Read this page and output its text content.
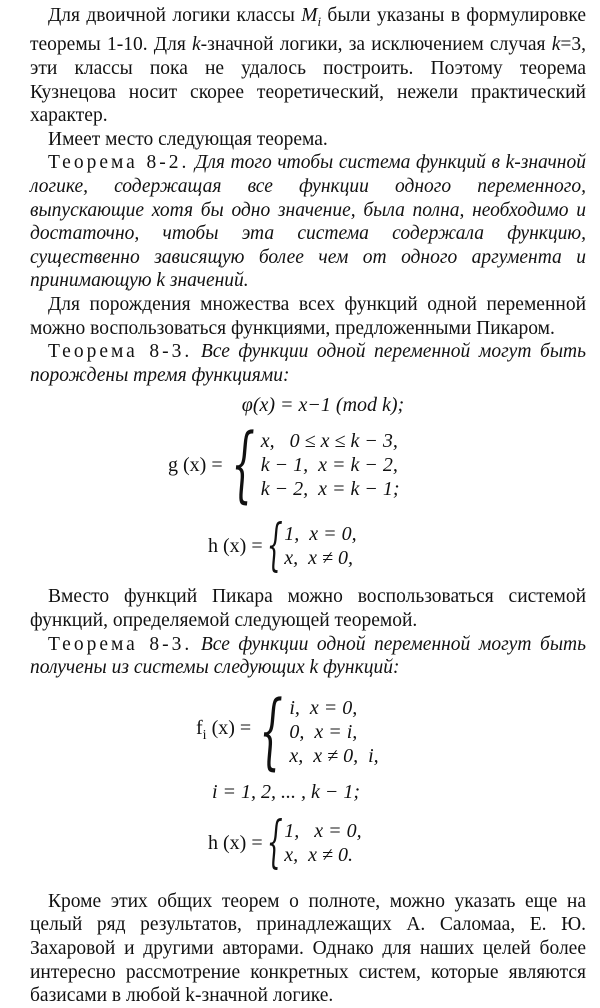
Для двоичной логики классы $M_i$ были указаны в формулировке теоремы 1-10. Для k-значной логики, за исключением случая k=3, эти классы пока не удалось построить. Поэтому теорема Кузнецова носит скорее теоретический, нежели практический характер.

Имеет место следующая теорема.

Теорема 8-2. Для того чтобы система функций в k-значной логике, содержащая все функции одного переменного, выпускающие хотя бы одно значение, была полна, необходимо и достаточно, чтобы эта система содержала функцию, существенно зависящую более чем от одного аргумента и принимающую k значений.

Для порождения множества всех функций одной переменной можно воспользоваться функциями, предложенными Пикаром.

Теорема 8-3. Все функции одной переменной могут быть порождены тремя функциями:

φ(x) = x−1 (mod k);
g (x) = { x,   0 ≤ x ≤ k − 3,
k − 1,  x = k − 2,
k − 2,  x = k − 1;
h (x) = { 1,  x = 0,
x,  x ≠ 0,

Вместо функций Пикара можно воспользоваться системой функций, определяемой следующей теоремой.

Теорема 8-3. Все функции одной переменной могут быть получены из системы следующих k функций:

$f_i$ (x) = { i,  x = 0,
0,  x = i,
x,  x ≠ 0,  i,
i = 1, 2, ... , k − 1;
h (x) = { 1,   x = 0,
x,  x ≠ 0.

Кроме этих общих теорем о полноте, можно указать еще на целый ряд результатов, принадлежащих А. Саломаа, Е. Ю. Захаровой и другими авторами. Однако для наших целей более интересно рассмотрение конкретных систем, которые являются базисами в любой k-значной логике.
